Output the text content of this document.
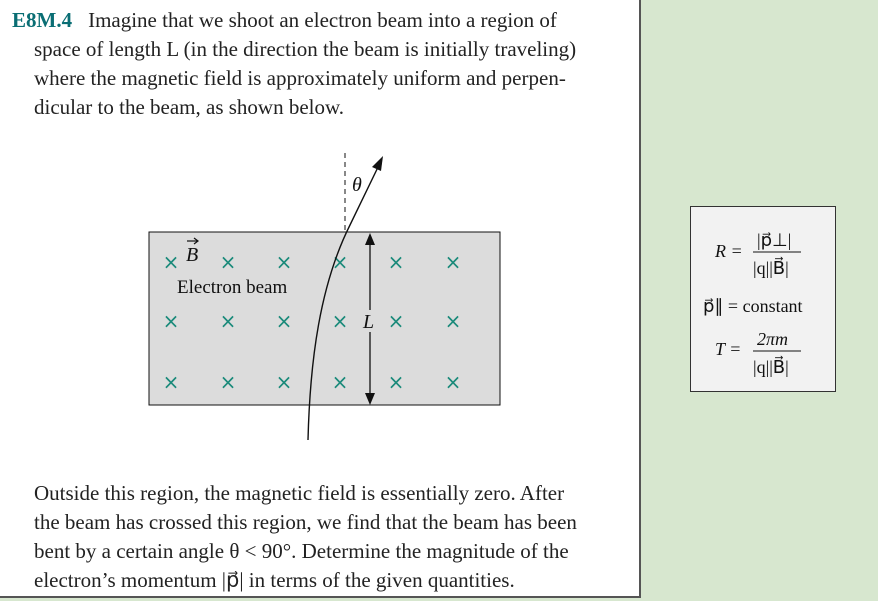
E8M.4 Imagine that we shoot an electron beam into a region of
space of length L (in the direction the beam is initially traveling)
where the magnetic field is approximately uniform and perpen-
dicular to the beam, as shown below.
θ
× × × × × ×
× × × × × ×
× × × × × ×
B
Electron beam
L
Outside this region, the magnetic field is essentially zero. After
the beam has crossed this region, we find that the beam has been
bent by a certain angle θ < 90°. Determine the magnitude of the
electron’s momentum |p⃗| in terms of the given quantities.
R =
|p⃗⊥|
|q||B⃗|
p⃗∥ = constant
T = 2πm
|q||B⃗|
